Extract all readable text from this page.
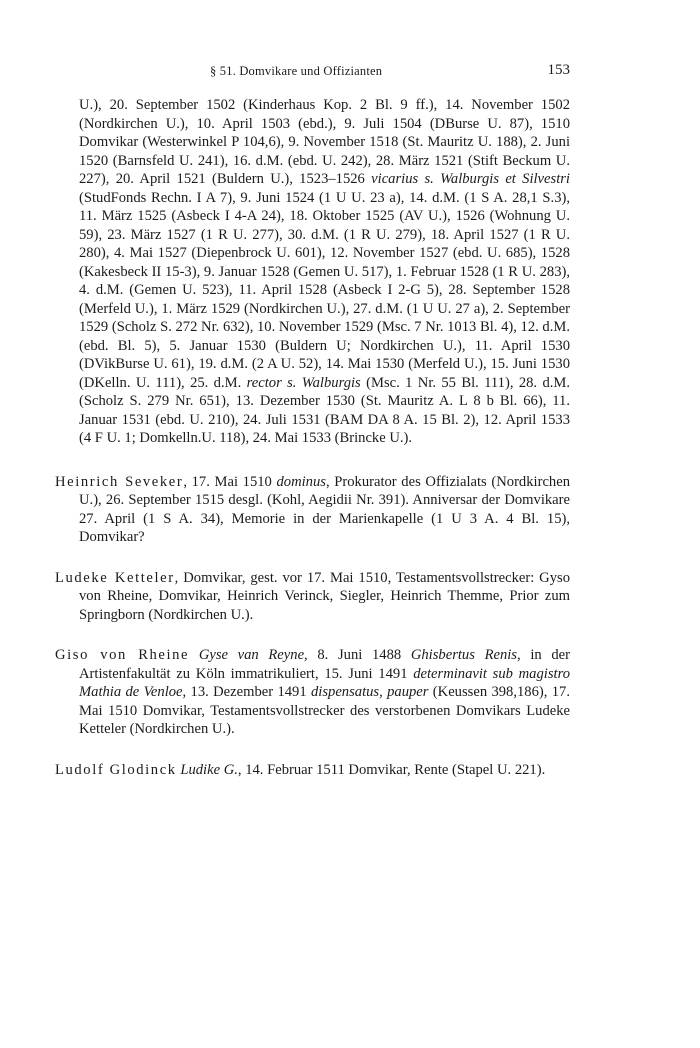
§ 51. Domvikare und Offizianten	153

U.), 20. September 1502 (Kinderhaus Kop. 2 Bl. 9 ff.), 14. November 1502 (Nordkirchen U.), 10. April 1503 (ebd.), 9. Juli 1504 (DBurse U. 87), 1510 Domvikar (Westerwinkel P 104,6), 9. November 1518 (St. Mauritz U. 188), 2. Juni 1520 (Barnsfeld U. 241), 16. d.M. (ebd. U. 242), 28. März 1521 (Stift Beckum U. 227), 20. April 1521 (Buldern U.), 1523–1526 vicarius s. Walburgis et Silvestri (StudFonds Rechn. I A 7), 9. Juni 1524 (1 U U. 23 a), 14. d.M. (1 S A. 28,1 S.3), 11. März 1525 (Asbeck I 4-A 24), 18. Oktober 1525 (AV U.), 1526 (Wohnung U. 59), 23. März 1527 (1 R U. 277), 30. d.M. (1 R U. 279), 18. April 1527 (1 R U. 280), 4. Mai 1527 (Diepenbrock U. 601), 12. November 1527 (ebd. U. 685), 1528 (Kakesbeck II 15-3), 9. Januar 1528 (Gemen U. 517), 1. Februar 1528 (1 R U. 283), 4. d.M. (Gemen U. 523), 11. April 1528 (Asbeck I 2-G 5), 28. September 1528 (Merfeld U.), 1. März 1529 (Nordkirchen U.), 27. d.M. (1 U U. 27 a), 2. September 1529 (Scholz S. 272 Nr. 632), 10. November 1529 (Msc. 7 Nr. 1013 Bl. 4), 12. d.M. (ebd. Bl. 5), 5. Januar 1530 (Buldern U; Nordkirchen U.), 11. April 1530 (DVikBurse U. 61), 19. d.M. (2 A U. 52), 14. Mai 1530 (Merfeld U.), 15. Juni 1530 (DKelln. U. 111), 25. d.M. rector s. Walburgis (Msc. 1 Nr. 55 Bl. 111), 28. d.M. (Scholz S. 279 Nr. 651), 13. Dezember 1530 (St. Mauritz A. L 8 b Bl. 66), 11. Januar 1531 (ebd. U. 210), 24. Juli 1531 (BAM DA 8 A. 15 Bl. 2), 12. April 1533 (4 F U. 1; Domkelln.U. 118), 24. Mai 1533 (Brincke U.).

Heinrich Seveker, 17. Mai 1510 dominus, Prokurator des Offizialats (Nordkirchen U.), 26. September 1515 desgl. (Kohl, Aegidii Nr. 391). Anniversar der Domvikare 27. April (1 S A. 34), Memorie in der Marienkapelle (1 U 3 A. 4 Bl. 15), Domvikar?

Ludeke Ketteler, Domvikar, gest. vor 17. Mai 1510, Testamentsvollstrecker: Gyso von Rheine, Domvikar, Heinrich Verinck, Siegler, Heinrich Themme, Prior zum Springborn (Nordkirchen U.).

Giso von Rheine Gyse van Reyne, 8. Juni 1488 Ghisbertus Renis, in der Artistenfakultät zu Köln immatrikuliert, 15. Juni 1491 determinavit sub magistro Mathia de Venloe, 13. Dezember 1491 dispensatus, pauper (Keussen 398,186), 17. Mai 1510 Domvikar, Testamentsvollstrecker des verstorbenen Domvikars Ludeke Ketteler (Nordkirchen U.).

Ludolf Glodinck Ludike G., 14. Februar 1511 Domvikar, Rente (Stapel U. 221).
